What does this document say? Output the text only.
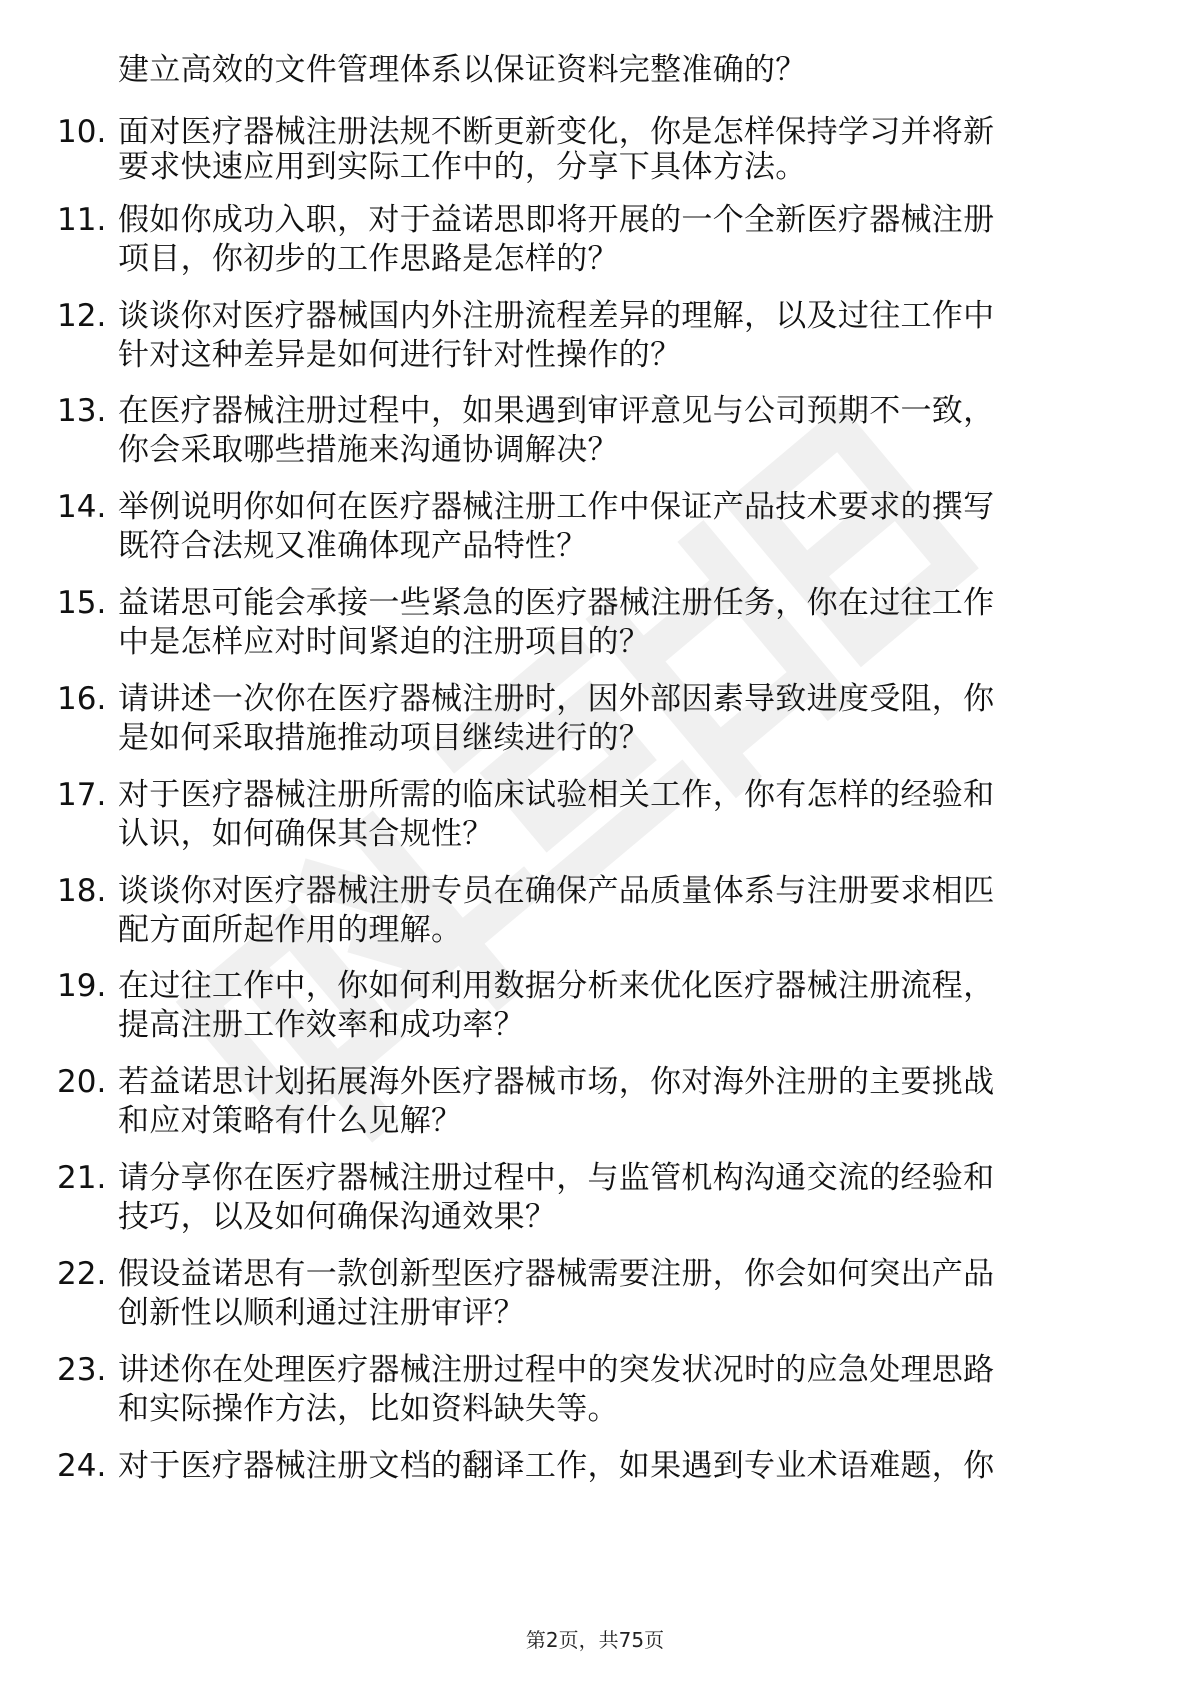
建立高效的文件管理体系以保证资料完整准确的？
10. 面对医疗器械注册法规不断更新变化，你是怎样保持学习并将新
要求快速应用到实际工作中的，分享下具体方法。
11. 假如你成功入职，对于益诺思即将开展的一个全新医疗器械注册
项目，你初步的工作思路是怎样的？
12. 谈谈你对医疗器械国内外注册流程差异的理解，以及过往工作中
针对这种差异是如何进行针对性操作的？
13. 在医疗器械注册过程中，如果遇到审评意见与公司预期不一致，
你会采取哪些措施来沟通协调解决？
14. 举例说明你如何在医疗器械注册工作中保证产品技术要求的撰写
既符合法规又准确体现产品特性？
15. 益诺思可能会承接一些紧急的医疗器械注册任务，你在过往工作
中是怎样应对时间紧迫的注册项目的？
16. 请讲述一次你在医疗器械注册时，因外部因素导致进度受阻，你
是如何采取措施推动项目继续进行的？
17. 对于医疗器械注册所需的临床试验相关工作，你有怎样的经验和
认识，如何确保其合规性？
18. 谈谈你对医疗器械注册专员在确保产品质量体系与注册要求相匹
配方面所起作用的理解。
19. 在过往工作中，你如何利用数据分析来优化医疗器械注册流程，
提高注册工作效率和成功率？
20. 若益诺思计划拓展海外医疗器械市场，你对海外注册的主要挑战
和应对策略有什么见解？
21. 请分享你在医疗器械注册过程中，与监管机构沟通交流的经验和
技巧，以及如何确保沟通效果？
22. 假设益诺思有一款创新型医疗器械需要注册，你会如何突出产品
创新性以顺利通过注册审评？
23. 讲述你在处理医疗器械注册过程中的突发状况时的应急处理思路
和实际操作方法，比如资料缺失等。
24. 对于医疗器械注册文档的翻译工作，如果遇到专业术语难题，你
第2页，共75页
